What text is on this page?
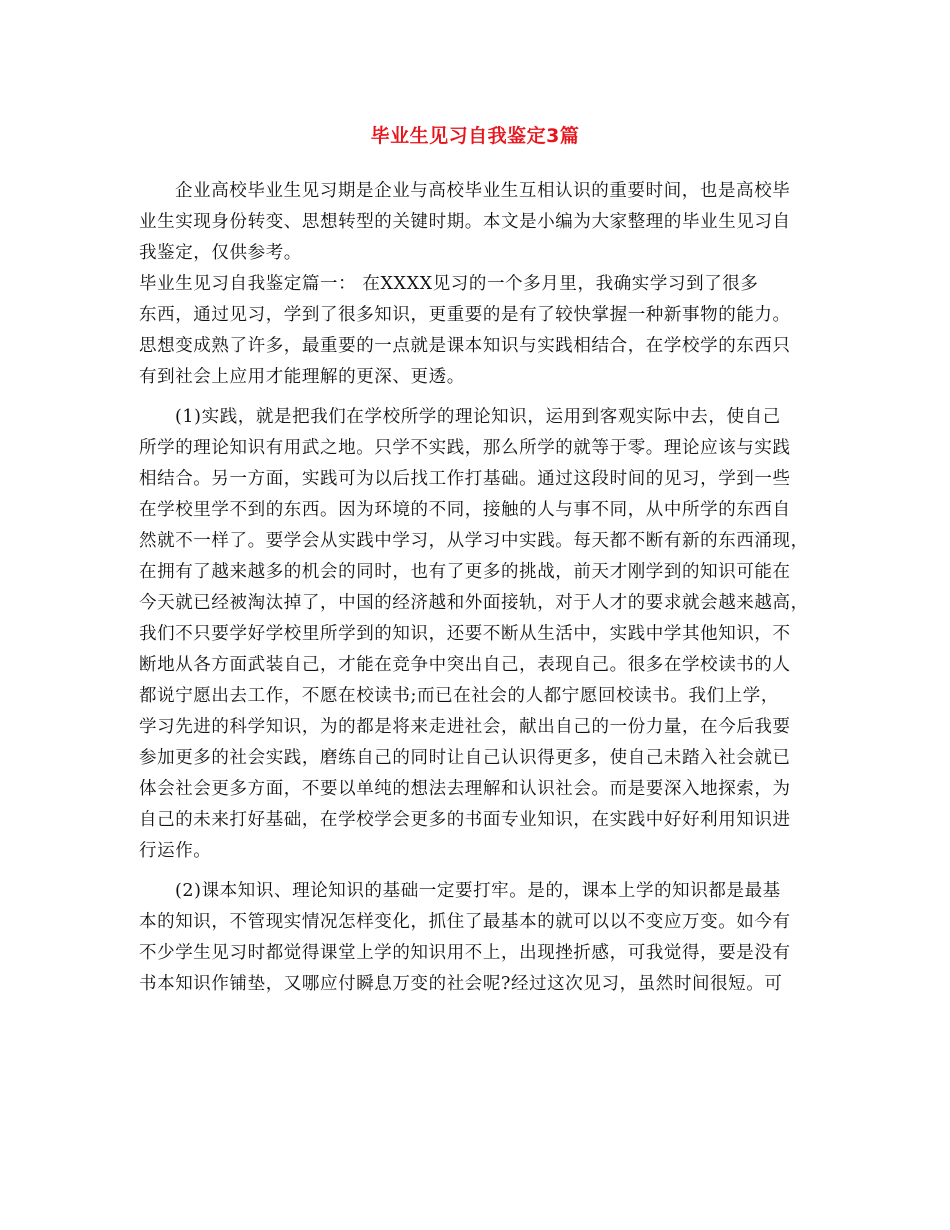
毕业生见习自我鉴定3篇
企业高校毕业生见习期是企业与高校毕业生互相认识的重要时间，也是高校毕
业生实现身份转变、思想转型的关键时期。本文是小编为大家整理的毕业生见习自
我鉴定，仅供参考。
毕业生见习自我鉴定篇一： 在XXXX见习的一个多月里，我确实学习到了很多
东西，通过见习，学到了很多知识，更重要的是有了较快掌握一种新事物的能力。
思想变成熟了许多，最重要的一点就是课本知识与实践相结合，在学校学的东西只
有到社会上应用才能理解的更深、更透。
(1)实践，就是把我们在学校所学的理论知识，运用到客观实际中去，使自己
所学的理论知识有用武之地。只学不实践，那么所学的就等于零。理论应该与实践
相结合。另一方面，实践可为以后找工作打基础。通过这段时间的见习，学到一些
在学校里学不到的东西。因为环境的不同，接触的人与事不同，从中所学的东西自
然就不一样了。要学会从实践中学习，从学习中实践。每天都不断有新的东西涌现，
在拥有了越来越多的机会的同时，也有了更多的挑战，前天才刚学到的知识可能在
今天就已经被淘汰掉了，中国的经济越和外面接轨，对于人才的要求就会越来越高，
我们不只要学好学校里所学到的知识，还要不断从生活中，实践中学其他知识，不
断地从各方面武装自己，才能在竞争中突出自己，表现自己。很多在学校读书的人
都说宁愿出去工作，不愿在校读书;而已在社会的人都宁愿回校读书。我们上学，
学习先进的科学知识，为的都是将来走进社会，献出自己的一份力量，在今后我要
参加更多的社会实践，磨练自己的同时让自己认识得更多，使自己未踏入社会就已
体会社会更多方面，不要以单纯的想法去理解和认识社会。而是要深入地探索，为
自己的未来打好基础，在学校学会更多的书面专业知识，在实践中好好利用知识进
行运作。
(2)课本知识、理论知识的基础一定要打牢。是的，课本上学的知识都是最基
本的知识，不管现实情况怎样变化，抓住了最基本的就可以以不变应万变。如今有
不少学生见习时都觉得课堂上学的知识用不上，出现挫折感，可我觉得，要是没有
书本知识作铺垫，又哪应付瞬息万变的社会呢?经过这次见习，虽然时间很短。可
